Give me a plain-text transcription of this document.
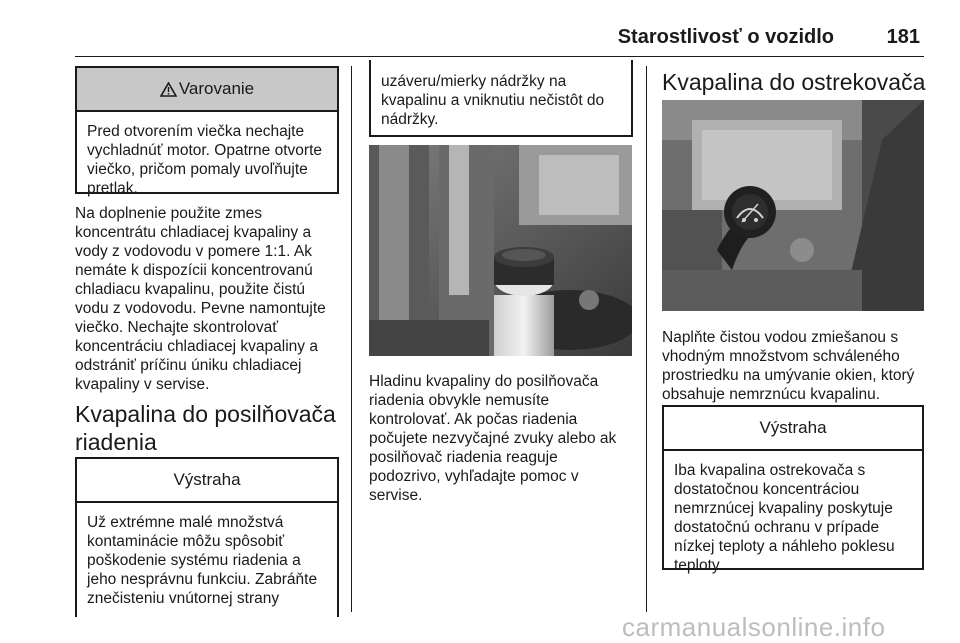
Starostlivosť o vozidlo	181
Varovanie
Pred otvorením viečka nechajte
vychladnúť motor. Opatrne otvorte
viečko, pričom pomaly uvoľňujte
pretlak.
Na doplnenie použite zmes
koncentrátu chladiacej kvapaliny a
vody z vodovodu v pomere 1:1. Ak
nemáte k dispozícii koncentrovanú
chladiacu kvapalinu, použite čistú
vodu z vodovodu. Pevne namontujte
viečko. Nechajte skontrolovať
koncentráciu chladiacej kvapaliny a
odstrániť príčinu úniku chladiacej
kvapaliny v servise.
Kvapalina do posilňovača
riadenia
Výstraha
Už extrémne malé množstvá
kontaminácie môžu spôsobiť
poškodenie systému riadenia a
jeho nesprávnu funkciu. Zabráňte
znečisteniu vnútornej strany
uzáveru/mierky nádržky na
kvapalinu a vniknutiu nečistôt do
nádržky.
Hladinu kvapaliny do posilňovača
riadenia obvykle nemusíte
kontrolovať. Ak počas riadenia
počujete nezvyčajné zvuky alebo ak
posilňovač riadenia reaguje
podozrivo, vyhľadajte pomoc v
servise.
Kvapalina do ostrekovača
Naplňte čistou vodou zmiešanou s
vhodným množstvom schváleného
prostriedku na umývanie okien, ktorý
obsahuje nemrznúcu kvapalinu.
Výstraha
Iba kvapalina ostrekovača s
dostatočnou koncentráciou
nemrznúcej kvapaliny poskytuje
dostatočnú ochranu v prípade
nízkej teploty a náhleho poklesu
teploty.
carmanualsonline.info
